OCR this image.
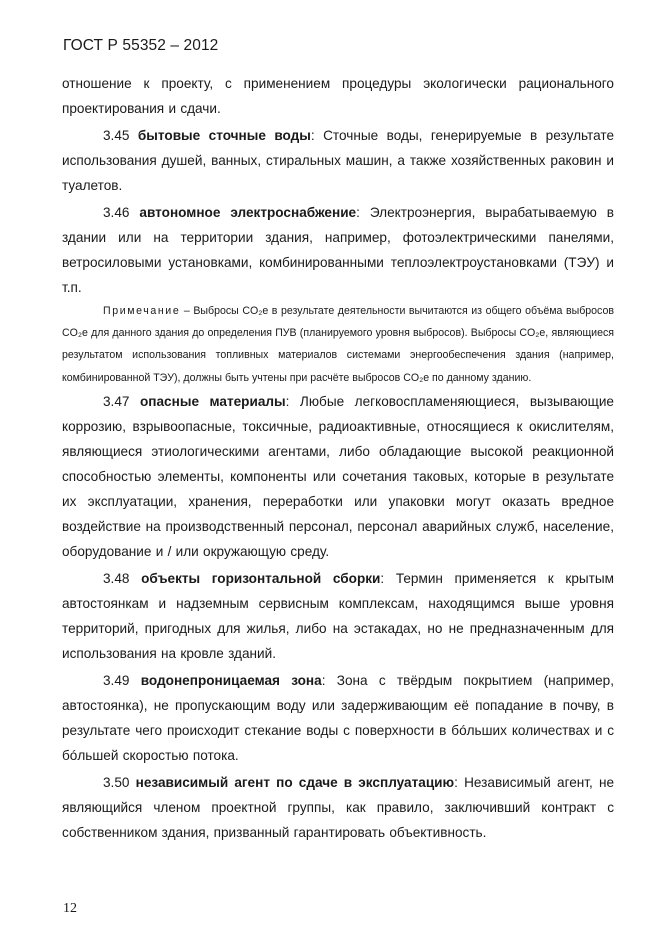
ГОСТ Р 55352 – 2012

отношение к проекту, с применением процедуры экологически рационального проектирования и сдачи.

3.45 бытовые сточные воды: Сточные воды, генерируемые в результате использования душей, ванных, стиральных машин, а также хозяйственных раковин и туалетов.

3.46 автономное электроснабжение: Электроэнергия, вырабатываемую в здании или на территории здания, например, фотоэлектрическими панелями, ветросиловыми установками, комбинированными теплоэлектроустановками (ТЭУ) и т.п.

Примечание – Выбросы CO₂e в результате деятельности вычитаются из общего объёма выбросов CO₂e для данного здания до определения ПУВ (планируемого уровня выбросов). Выбросы CO₂e, являющиеся результатом использования топливных материалов системами энергообеспечения здания (например, комбинированной ТЭУ), должны быть учтены при расчёте выбросов CO₂e по данному зданию.

3.47 опасные материалы: Любые легковоспламеняющиеся, вызывающие коррозию, взрывоопасные, токсичные, радиоактивные, относящиеся к окислителям, являющиеся этиологическими агентами, либо обладающие высокой реакционной способностью элементы, компоненты или сочетания таковых, которые в результате их эксплуатации, хранения, переработки или упаковки могут оказать вредное воздействие на производственный персонал, персонал аварийных служб, население, оборудование и / или окружающую среду.

3.48 объекты горизонтальной сборки: Термин применяется к крытым автостоянкам и надземным сервисным комплексам, находящимся выше уровня территорий, пригодных для жилья, либо на эстакадах, но не предназначенным для использования на кровле зданий.

3.49 водонепроницаемая зона: Зона с твёрдым покрытием (например, автостоянка), не пропускающим воду или задерживающим её попадание в почву, в результате чего происходит стекание воды с поверхности в бóльших количествах и с бóльшей скоростью потока.

3.50 независимый агент по сдаче в эксплуатацию: Независимый агент, не являющийся членом проектной группы, как правило, заключивший контракт с собственником здания, призванный гарантировать объективность.

12
